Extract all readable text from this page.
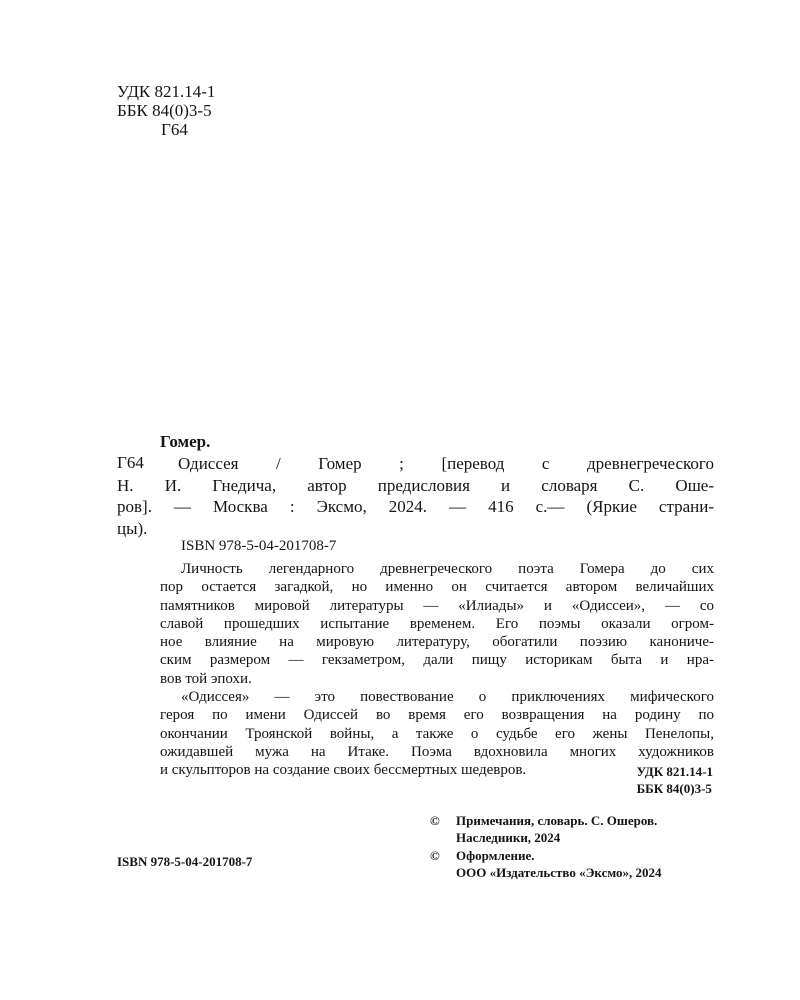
УДК 821.14-1
ББК 84(0)3-5
Г64
Гомер.
Г64	Одиссея / Гомер ; [перевод с древнегреческого
Н. И. Гнедича, автор предисловия и словаря С. Оше-
ров]. — Москва : Эксмо, 2024. — 416 с.— (Яркие страни-
цы).
ISBN 978-5-04-201708-7
Личность легендарного древнегреческого поэта Гомера до сих
пор остается загадкой, но именно он считается автором величайших
памятников мировой литературы — «Илиады» и «Одиссеи», — со
славой прошедших испытание временем. Его поэмы оказали огром-
ное влияние на мировую литературу, обогатили поэзию канониче-
ским размером — гекзаметром, дали пищу историкам быта и нра-
вов той эпохи.
«Одиссея» — это повествование о приключениях мифического
героя по имени Одиссей во время его возвращения на родину по
окончании Троянской войны, а также о судьбе его жены Пенелопы,
ожидавшей мужа на Итаке. Поэма вдохновила многих художников
и скульпторов на создание своих бессмертных шедевров.	УДК 821.14-1
ББК 84(0)3-5
© Примечания, словарь. С. Ошеров.
Наследники, 2024
© Оформление.
ООО «Издательство «Эксмо», 2024
ISBN 978-5-04-201708-7
